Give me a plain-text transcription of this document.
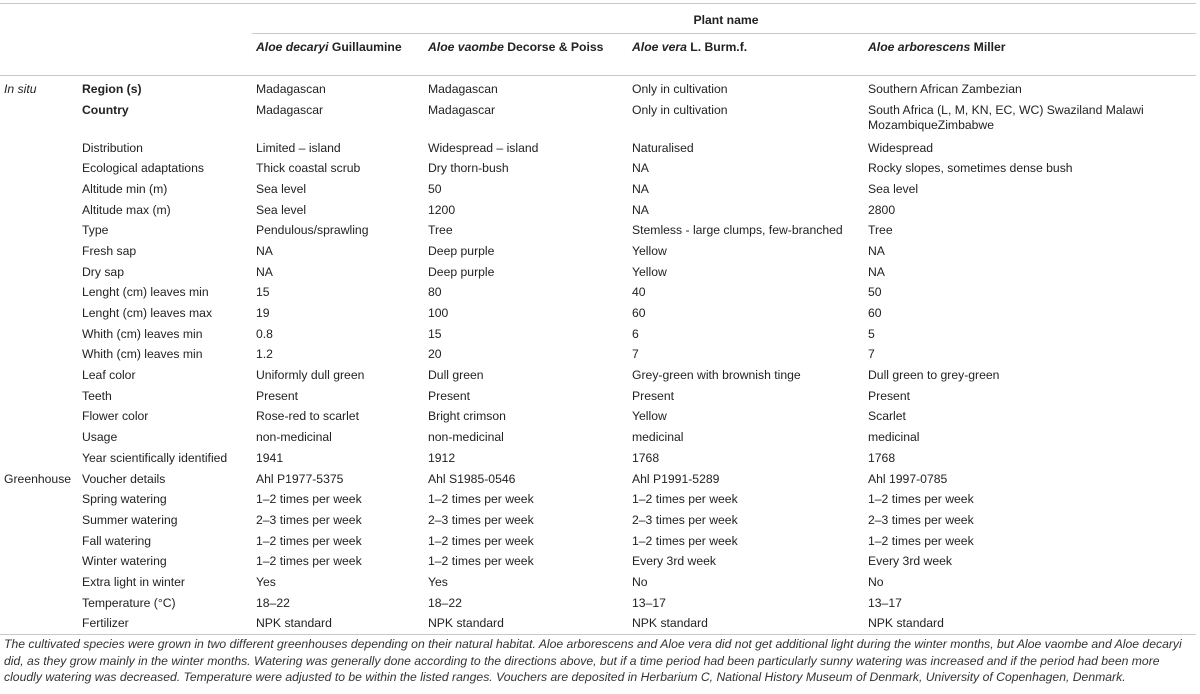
		Plant name			
		Aloe decaryi Guillaumine	Aloe vaombe Decorse & Poiss	Aloe vera L. Burm.f.	Aloe arborescens Miller
In situ	Region (s)	Madagascan	Madagascan	Only in cultivation	Southern African Zambezian
	Country	Madagascar	Madagascar	Only in cultivation	South Africa (L, M, KN, EC, WC) Swaziland Malawi MozambiqueZimbabwe
	Distribution	Limited – island	Widespread – island	Naturalised	Widespread
	Ecological adaptations	Thick coastal scrub	Dry thorn-bush	NA	Rocky slopes, sometimes dense bush
	Altitude min (m)	Sea level	50	NA	Sea level
	Altitude max (m)	Sea level	1200	NA	2800
	Type	Pendulous/sprawling	Tree	Stemless - large clumps, few-branched	Tree
	Fresh sap	NA	Deep purple	Yellow	NA
	Dry sap	NA	Deep purple	Yellow	NA
	Lenght (cm) leaves min	15	80	40	50
	Lenght (cm) leaves max	19	100	60	60
	Whith (cm) leaves min	0.8	15	6	5
	Whith (cm) leaves min	1.2	20	7	7
	Leaf color	Uniformly dull green	Dull green	Grey-green with brownish tinge	Dull green to grey-green
	Teeth	Present	Present	Present	Present
	Flower color	Rose-red to scarlet	Bright crimson	Yellow	Scarlet
	Usage	non-medicinal	non-medicinal	medicinal	medicinal
	Year scientifically identified	1941	1912	1768	1768
Greenhouse	Voucher details	Ahl P1977-5375	Ahl S1985-0546	Ahl P1991-5289	Ahl 1997-0785
	Spring watering	1–2 times per week	1–2 times per week	1–2 times per week	1–2 times per week
	Summer watering	2–3 times per week	2–3 times per week	2–3 times per week	2–3 times per week
	Fall watering	1–2 times per week	1–2 times per week	1–2 times per week	1–2 times per week
	Winter watering	1–2 times per week	1–2 times per week	Every 3rd week	Every 3rd week
	Extra light in winter	Yes	Yes	No	No
	Temperature (°C)	18–22	18–22	13–17	13–17
	Fertilizer	NPK standard	NPK standard	NPK standard	NPK standard
The cultivated species were grown in two different greenhouses depending on their natural habitat. Aloe arborescens and Aloe vera did not get additional light during the winter months, but Aloe vaombe and Aloe decaryi did, as they grow mainly in the winter months. Watering was generally done according to the directions above, but if a time period had been particularly sunny watering was increased and if the period had been more cloudly watering was decreased. Temperature were adjusted to be within the listed ranges. Vouchers are deposited in Herbarium C, National History Museum of Denmark, University of Copenhagen, Denmark.
